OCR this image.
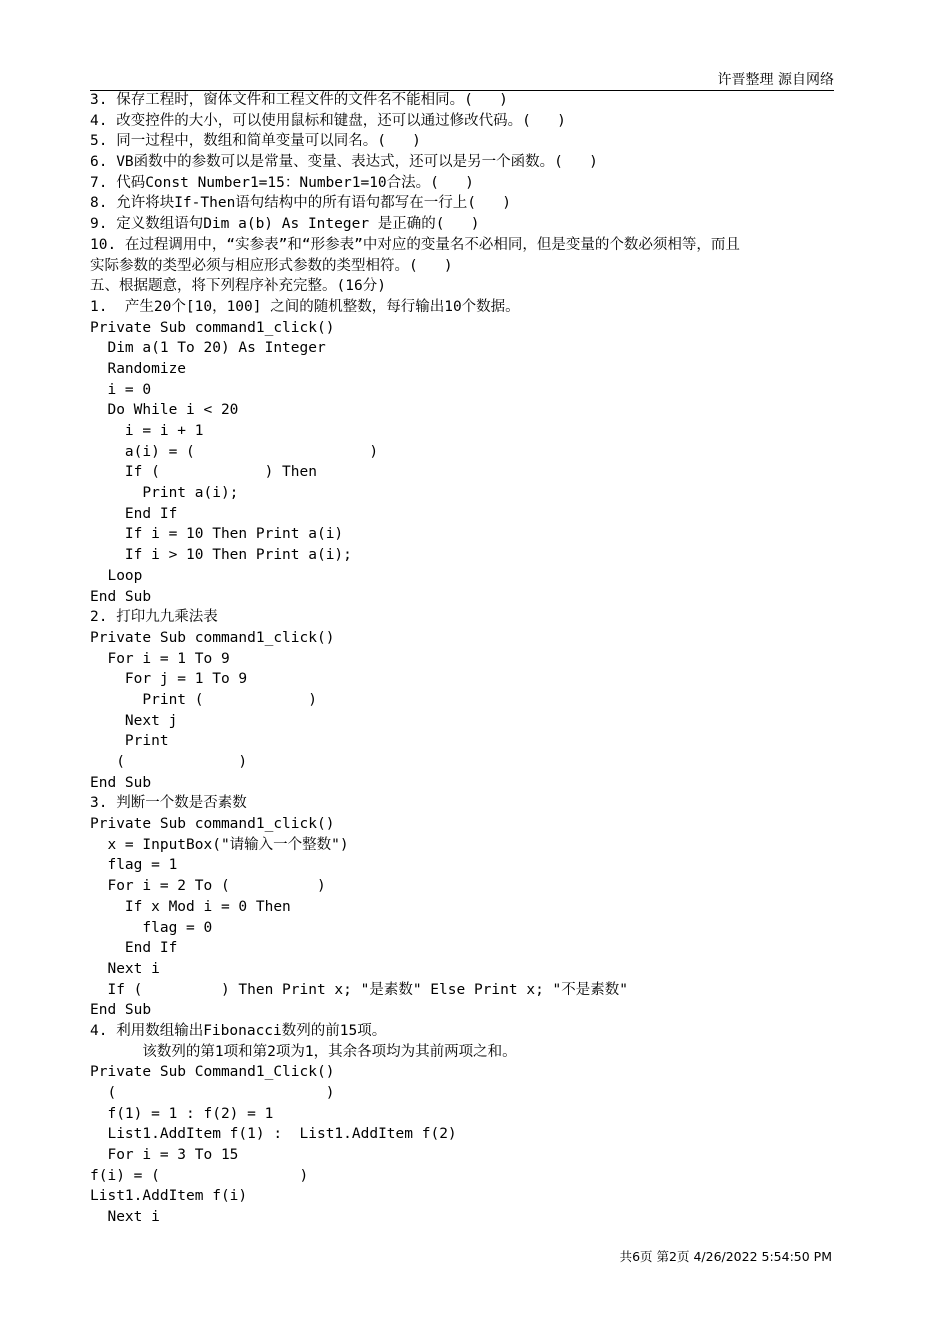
许晋整理 源自网络
3. 保存工程时，窗体文件和工程文件的文件名不能相同。(   )
4. 改变控件的大小，可以使用鼠标和键盘，还可以通过修改代码。(   )
5. 同一过程中，数组和简单变量可以同名。(   )
6. VB函数中的参数可以是常量、变量、表达式，还可以是另一个函数。(   )
7. 代码Const Number1=15：Number1=10合法。(   )
8. 允许将块If-Then语句结构中的所有语句都写在一行上(   )
9. 定义数组语句Dim a(b) As Integer 是正确的(   )
10. 在过程调用中，“实参表”和“形参表”中对应的变量名不必相同，但是变量的个数必须相等，而且
实际参数的类型必须与相应形式参数的类型相符。(   )
五、根据题意，将下列程序补充完整。(16分)
1.  产生20个[10，100] 之间的随机整数，每行输出10个数据。
Private Sub command1_click()
Dim a(1 To 20) As Integer
Randomize
i = 0
Do While i < 20
i = i + 1
a(i) = (                    )
If (            ) Then
Print a(i);
End If
If i = 10 Then Print a(i)
If i > 10 Then Print a(i);
Loop
End Sub
2. 打印九九乘法表
Private Sub command1_click()
For i = 1 To 9
For j = 1 To 9
Print (            )
Next j
Print
(             )
End Sub
3. 判断一个数是否素数
Private Sub command1_click()
x = InputBox("请输入一个整数")
flag = 1
For i = 2 To (          )
If x Mod i = 0 Then
flag = 0
End If
Next i
If (         ) Then Print x; "是素数" Else Print x; "不是素数"
End Sub
4. 利用数组输出Fibonacci数列的前15项。
该数列的第1项和第2项为1，其余各项均为其前两项之和。
Private Sub Command1_Click()
(                        )
f(1) = 1 : f(2) = 1
List1.AddItem f(1) :  List1.AddItem f(2)
For i = 3 To 15
f(i) = (                )
List1.AddItem f(i)
Next i
共6页 第2页 4/26/2022 5:54:50 PM
